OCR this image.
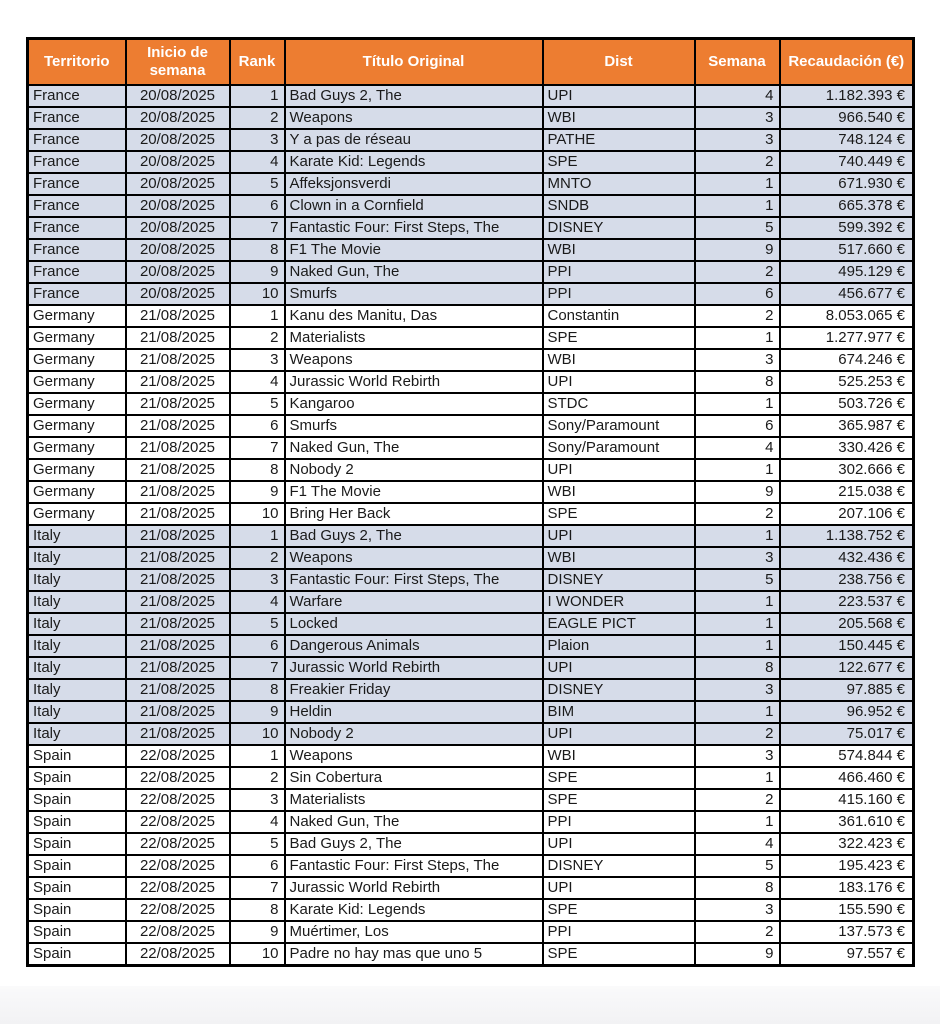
Territorio	Inicio de semana	Rank	Título Original	Dist	Semana	Recaudación (€)
France	20/08/2025	1	Bad Guys 2, The	UPI	4	1.182.393 €
France	20/08/2025	2	Weapons	WBI	3	966.540 €
France	20/08/2025	3	Y a pas de réseau	PATHE	3	748.124 €
France	20/08/2025	4	Karate Kid: Legends	SPE	2	740.449 €
France	20/08/2025	5	Affeksjonsverdi	MNTO	1	671.930 €
France	20/08/2025	6	Clown in a Cornfield	SNDB	1	665.378 €
France	20/08/2025	7	Fantastic Four: First Steps, The	DISNEY	5	599.392 €
France	20/08/2025	8	F1 The Movie	WBI	9	517.660 €
France	20/08/2025	9	Naked Gun, The	PPI	2	495.129 €
France	20/08/2025	10	Smurfs	PPI	6	456.677 €
Germany	21/08/2025	1	Kanu des Manitu, Das	Constantin	2	8.053.065 €
Germany	21/08/2025	2	Materialists	SPE	1	1.277.977 €
Germany	21/08/2025	3	Weapons	WBI	3	674.246 €
Germany	21/08/2025	4	Jurassic World Rebirth	UPI	8	525.253 €
Germany	21/08/2025	5	Kangaroo	STDC	1	503.726 €
Germany	21/08/2025	6	Smurfs	Sony/Paramount	6	365.987 €
Germany	21/08/2025	7	Naked Gun, The	Sony/Paramount	4	330.426 €
Germany	21/08/2025	8	Nobody 2	UPI	1	302.666 €
Germany	21/08/2025	9	F1 The Movie	WBI	9	215.038 €
Germany	21/08/2025	10	Bring Her Back	SPE	2	207.106 €
Italy	21/08/2025	1	Bad Guys 2, The	UPI	1	1.138.752 €
Italy	21/08/2025	2	Weapons	WBI	3	432.436 €
Italy	21/08/2025	3	Fantastic Four: First Steps, The	DISNEY	5	238.756 €
Italy	21/08/2025	4	Warfare	I WONDER	1	223.537 €
Italy	21/08/2025	5	Locked	EAGLE PICT	1	205.568 €
Italy	21/08/2025	6	Dangerous Animals	Plaion	1	150.445 €
Italy	21/08/2025	7	Jurassic World Rebirth	UPI	8	122.677 €
Italy	21/08/2025	8	Freakier Friday	DISNEY	3	97.885 €
Italy	21/08/2025	9	Heldin	BIM	1	96.952 €
Italy	21/08/2025	10	Nobody 2	UPI	2	75.017 €
Spain	22/08/2025	1	Weapons	WBI	3	574.844 €
Spain	22/08/2025	2	Sin Cobertura	SPE	1	466.460 €
Spain	22/08/2025	3	Materialists	SPE	2	415.160 €
Spain	22/08/2025	4	Naked Gun, The	PPI	1	361.610 €
Spain	22/08/2025	5	Bad Guys 2, The	UPI	4	322.423 €
Spain	22/08/2025	6	Fantastic Four: First Steps, The	DISNEY	5	195.423 €
Spain	22/08/2025	7	Jurassic World Rebirth	UPI	8	183.176 €
Spain	22/08/2025	8	Karate Kid: Legends	SPE	3	155.590 €
Spain	22/08/2025	9	Muértimer, Los	PPI	2	137.573 €
Spain	22/08/2025	10	Padre no hay mas que uno 5	SPE	9	97.557 €
